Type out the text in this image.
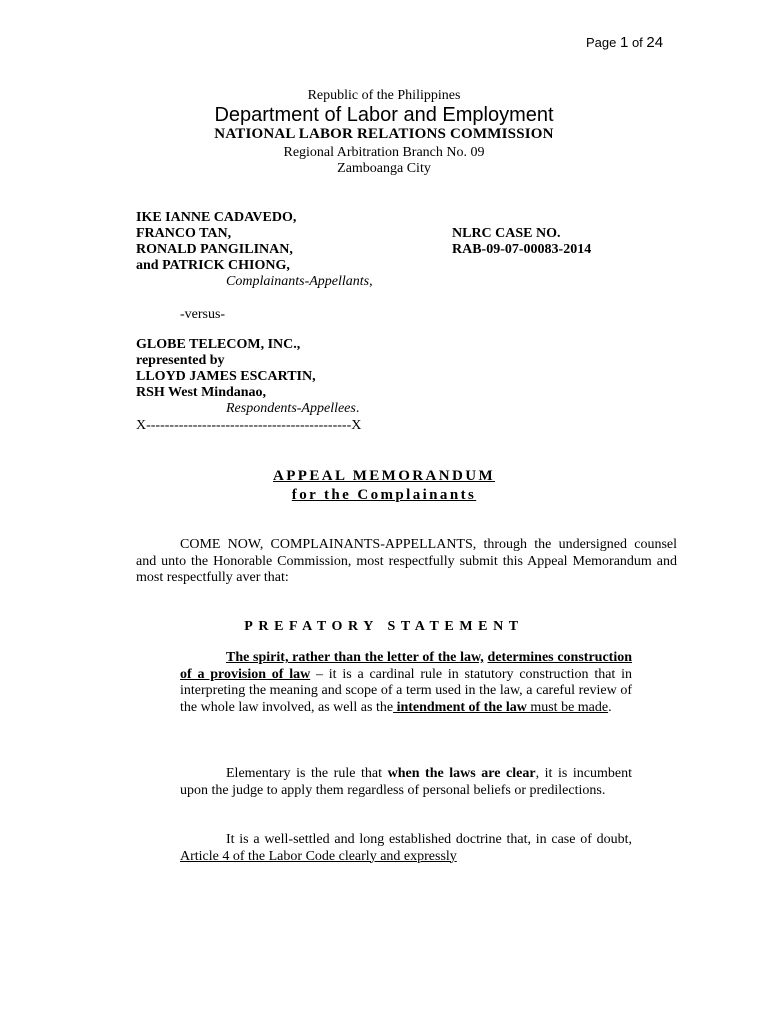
Page 1 of 24
Republic of the Philippines
Department of Labor and Employment
NATIONAL LABOR RELATIONS COMMISSION
Regional Arbitration Branch No. 09
Zamboanga City
IKE IANNE CADAVEDO,
FRANCO TAN,
RONALD PANGILINAN,
and PATRICK CHIONG,
Complainants-Appellants,
NLRC CASE NO.
RAB-09-07-00083-2014
-versus-
GLOBE TELECOM, INC.,
represented by
LLOYD JAMES ESCARTIN,
RSH West Mindanao,
Respondents-Appellees.
X--------------------------------------------X
APPEAL MEMORANDUM
for the Complainants
COME NOW, COMPLAINANTS-APPELLANTS, through the undersigned counsel and unto the Honorable Commission, most respectfully submit this Appeal Memorandum and most respectfully aver that:
PREFATORY STATEMENT
The spirit, rather than the letter of the law, determines construction of a provision of law – it is a cardinal rule in statutory construction that in interpreting the meaning and scope of a term used in the law, a careful review of the whole law involved, as well as the intendment of the law must be made.
Elementary is the rule that when the laws are clear, it is incumbent upon the judge to apply them regardless of personal beliefs or predilections.
It is a well-settled and long established doctrine that, in case of doubt, Article 4 of the Labor Code clearly and expressly
